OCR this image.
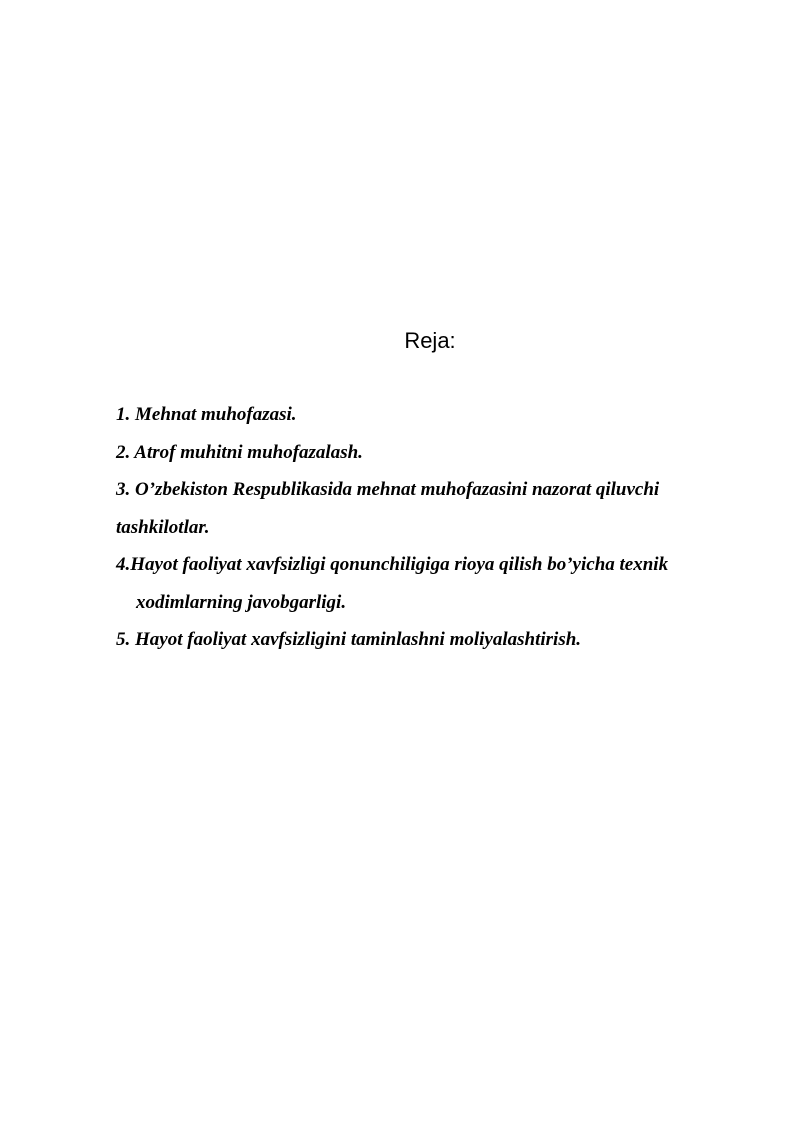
Reja:
1. Mehnat muhofazasi.
2. Atrof muhitni muhofazalash.
3. O’zbekiston Respublikasida mehnat muhofazasini nazorat qiluvchi
tashkilotlar.
4.Hayot faoliyat xavfsizligi qonunchiligiga rioya qilish bo’yicha texnik
xodimlarning javobgarligi.
5. Hayot faoliyat xavfsizligini taminlashni moliyalashtirish.
